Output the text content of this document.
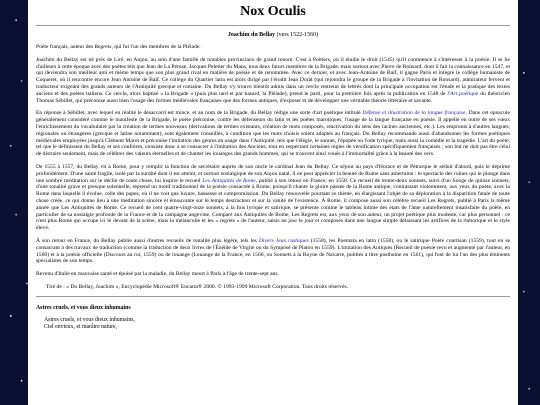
Nox Oculis
Joachim du Bellay (vers 1522-1560)

Poète français, auteur des Regrets, qui fut l'un des membres de la Pléiade.

Joachim du Bellay est né près de Liré, en Anjou, au sein d'une famille de notables provinciaux de grand renom. C'est à Poitiers, où il étudie le droit (1545) qu'il commence à s'intéresser à la poésie. Il se lie d'ailleurs à cette époque avec des poètes tels que Jean de La Péruse, Jacques Peletier du Mans, tous deux futurs membres de la Brigade, mais surtout avec Pierre de Ronsard, dont il fait la connaissance en 1547, et qui deviendra son meilleur ami et même temps que son plus grand rival en matière de poésie et de renommée. Avec ce dernier, et avec Jean-Antoine de Baïf, il gagne Paris et intègre le collège humaniste de Coqueret, où il rencontre encore Jean Antoine de Baïf. Ce collège du Quartier latin est alors dirigé par l'érudit Jean Dorat (qui rejoindra le groupe de la Brigade à l'invitation de Ronsard), admirateur fervent et traducteur exigeant des grands auteurs de l'Antiquité grecque et romaine. Du Bellay s'y trouve bientôt admis dans un cercle restreint de lettrés dont la principale occupation est l'étude et la pratique des textes anciens et des poètes italiens. Ce cercle, alors baptisé « la Brigade » (puis plus tard et par hasard, la Pléiade), prend le parti, pour la première fois après la publication en 1548 de l'Art poétique du théoricien Thomas Sébillet, qui préconise aussi bien l'usage des formes médiévales françaises que des formes antiques, d'exposer et de développer une véritable théorie littéraire et savante.

En réponse à Sébillet, avec lequel en réalité le désaccord est mince, et au nom de la Brigade, du Bellay rédige une sorte d'art poétique intitulé Défense et illustration de la langue française. Dans cet opuscule généralement considéré comme le manifeste de la Brigade, le poète préconise, contre les défenseurs du latin et les poètes marotiques, l'usage de la langue française en poésie. Il appelle en outre de ses vœux l'enrichissement du vocabulaire par la création de termes nouveaux (dérivations de termes existants, création de mots composés, réactivation du sens des racines anciennes, etc.). Les emprunts à d'autres langues, régionales ou étrangères (grecque et latine notamment), sont également conseillés, à condition que les mots choisis soient adaptés au français. Du Bellay recommande aussi d'abandonner les formes poétiques médiévales employées jusqu'à Clément Marot et préconise l'imitation des genres en usage dans l'Antiquité, tels que l'élégie, le sonnet, l'épopée ou l'ode lyrique, mais aussi la comédie et la tragédie. L'art du poète, tel que le définissent du Bellay et ses confrères, consiste donc à se consacrer à l'imitation des Anciens, tout en respectant certaines règles de versification spécifiquement françaises ; son but ne doit pas être celui de distraire seulement, mais de célébrer des valeurs éternelles et de chanter les louanges des grands hommes, qui se trouvent ainsi voués à l'immortalité grâce à la beauté des vers.

De 1555 à 1557, du Bellay vit à Rome, pour y remplir la fonction de secrétaire auprès de son oncle le cardinal Jean du Bellay. Ce séjour au pays d'Horace et de Pétrarque le séduit d'abord, puis le déprime profondément. D'une santé fragile, isolé par la surdité dont il est atteint, et surtout nostalgique de son Anjou natal, il ne peut apprécier la beauté de Rome sans amertume : le spectacle des ruines qui le plonge dans une sombre méditation sur le déclin de toute chose, lui inspire le recueil Les Antiquités de Rome, publié à son retour en France, en 1558. Ce recueil de trente-deux sonnets, suivi d'un Songe de quinze sonnets, d'une tonalité grave et presque solennelle, reprend un motif traditionnel de la poésie consacrée à Rome, puisqu'il chante la gloire passée de la Rome antique, contrastant violemment, aux yeux du poète, avec la Rome dans laquelle il évolue, celle des papes, où il ne voit que luxure, bassesse et compromission. Du Bellay renouvelle pourtant ce thème, en élargissant l'objet de sa déploration à la disparition fatale de toute chose créée, ce qui donne lieu à une méditation sincère et émouvante sur le temps destructeur et sur la vanité de l'existence. À Rome, il compose aussi son célèbre recueil Les Regrets, publié à Paris la même année que Les Antiquités de Rome. Ce recueil de cent quatre-vingt-onze sonnets, à la fois lyrique et satirique, se présente comme le tableau intime des états de l'âme naturellement insatisfaite du poète, en particulier de sa nostalgie profonde de la France et de la campagne angevine. Comparé aux Antiquités de Rome, Les Regrets est, aux yeux de son auteur, un projet poétique plus modeste, car plus personnel : ce n'est plus Rome qui occupe ici le devant de la scène, mais la mélancolie et les « regrets » de l'auteur, saisis au jour le jour et composés dans une langue simple délaissant les artifices de la rhétorique et le style élevé.

À son retour en France, du Bellay publie aussi d'autres recueils de tonalité plus légère, tels les Divers Jeux rustiques (1558), les Poemata en latin (1558), ou le satirique Poète courtisan (1559), tout en se consacrant à des travaux de traduction (comme la traduction de deux livres de l'Énéide de Virgile ou du Symposé de Platon en 1559). L'imitation des Antiques (Recueil de poésie revu et augmenté par l'auteur, en 1560) et à la poésie officielle (Discours au roi, 1559) ou de louange (Louange de la France, en 1560, ou Sonnets à la Royne de Navarre, publiés à titre posthume en 1561), qui font de lui l'un des plus éminents spécialistes de son temps.

Revenu d'Italie en mauvaise santé et épuisé par la maladie, du Bellay meurt à Paris à l'âge de trente-sept ans.

Tiré de : « Du Bellay, Joachim », Encyclopédie Microsoft® Encarta® 2000. © 1993-1999 Microsoft Corporation. Tous droits réservés.

Astres cruels, et vous dieux inhumains

Astres cruels, et vous dieux inhumains,

Ciel envieux, et marâtre nature,
